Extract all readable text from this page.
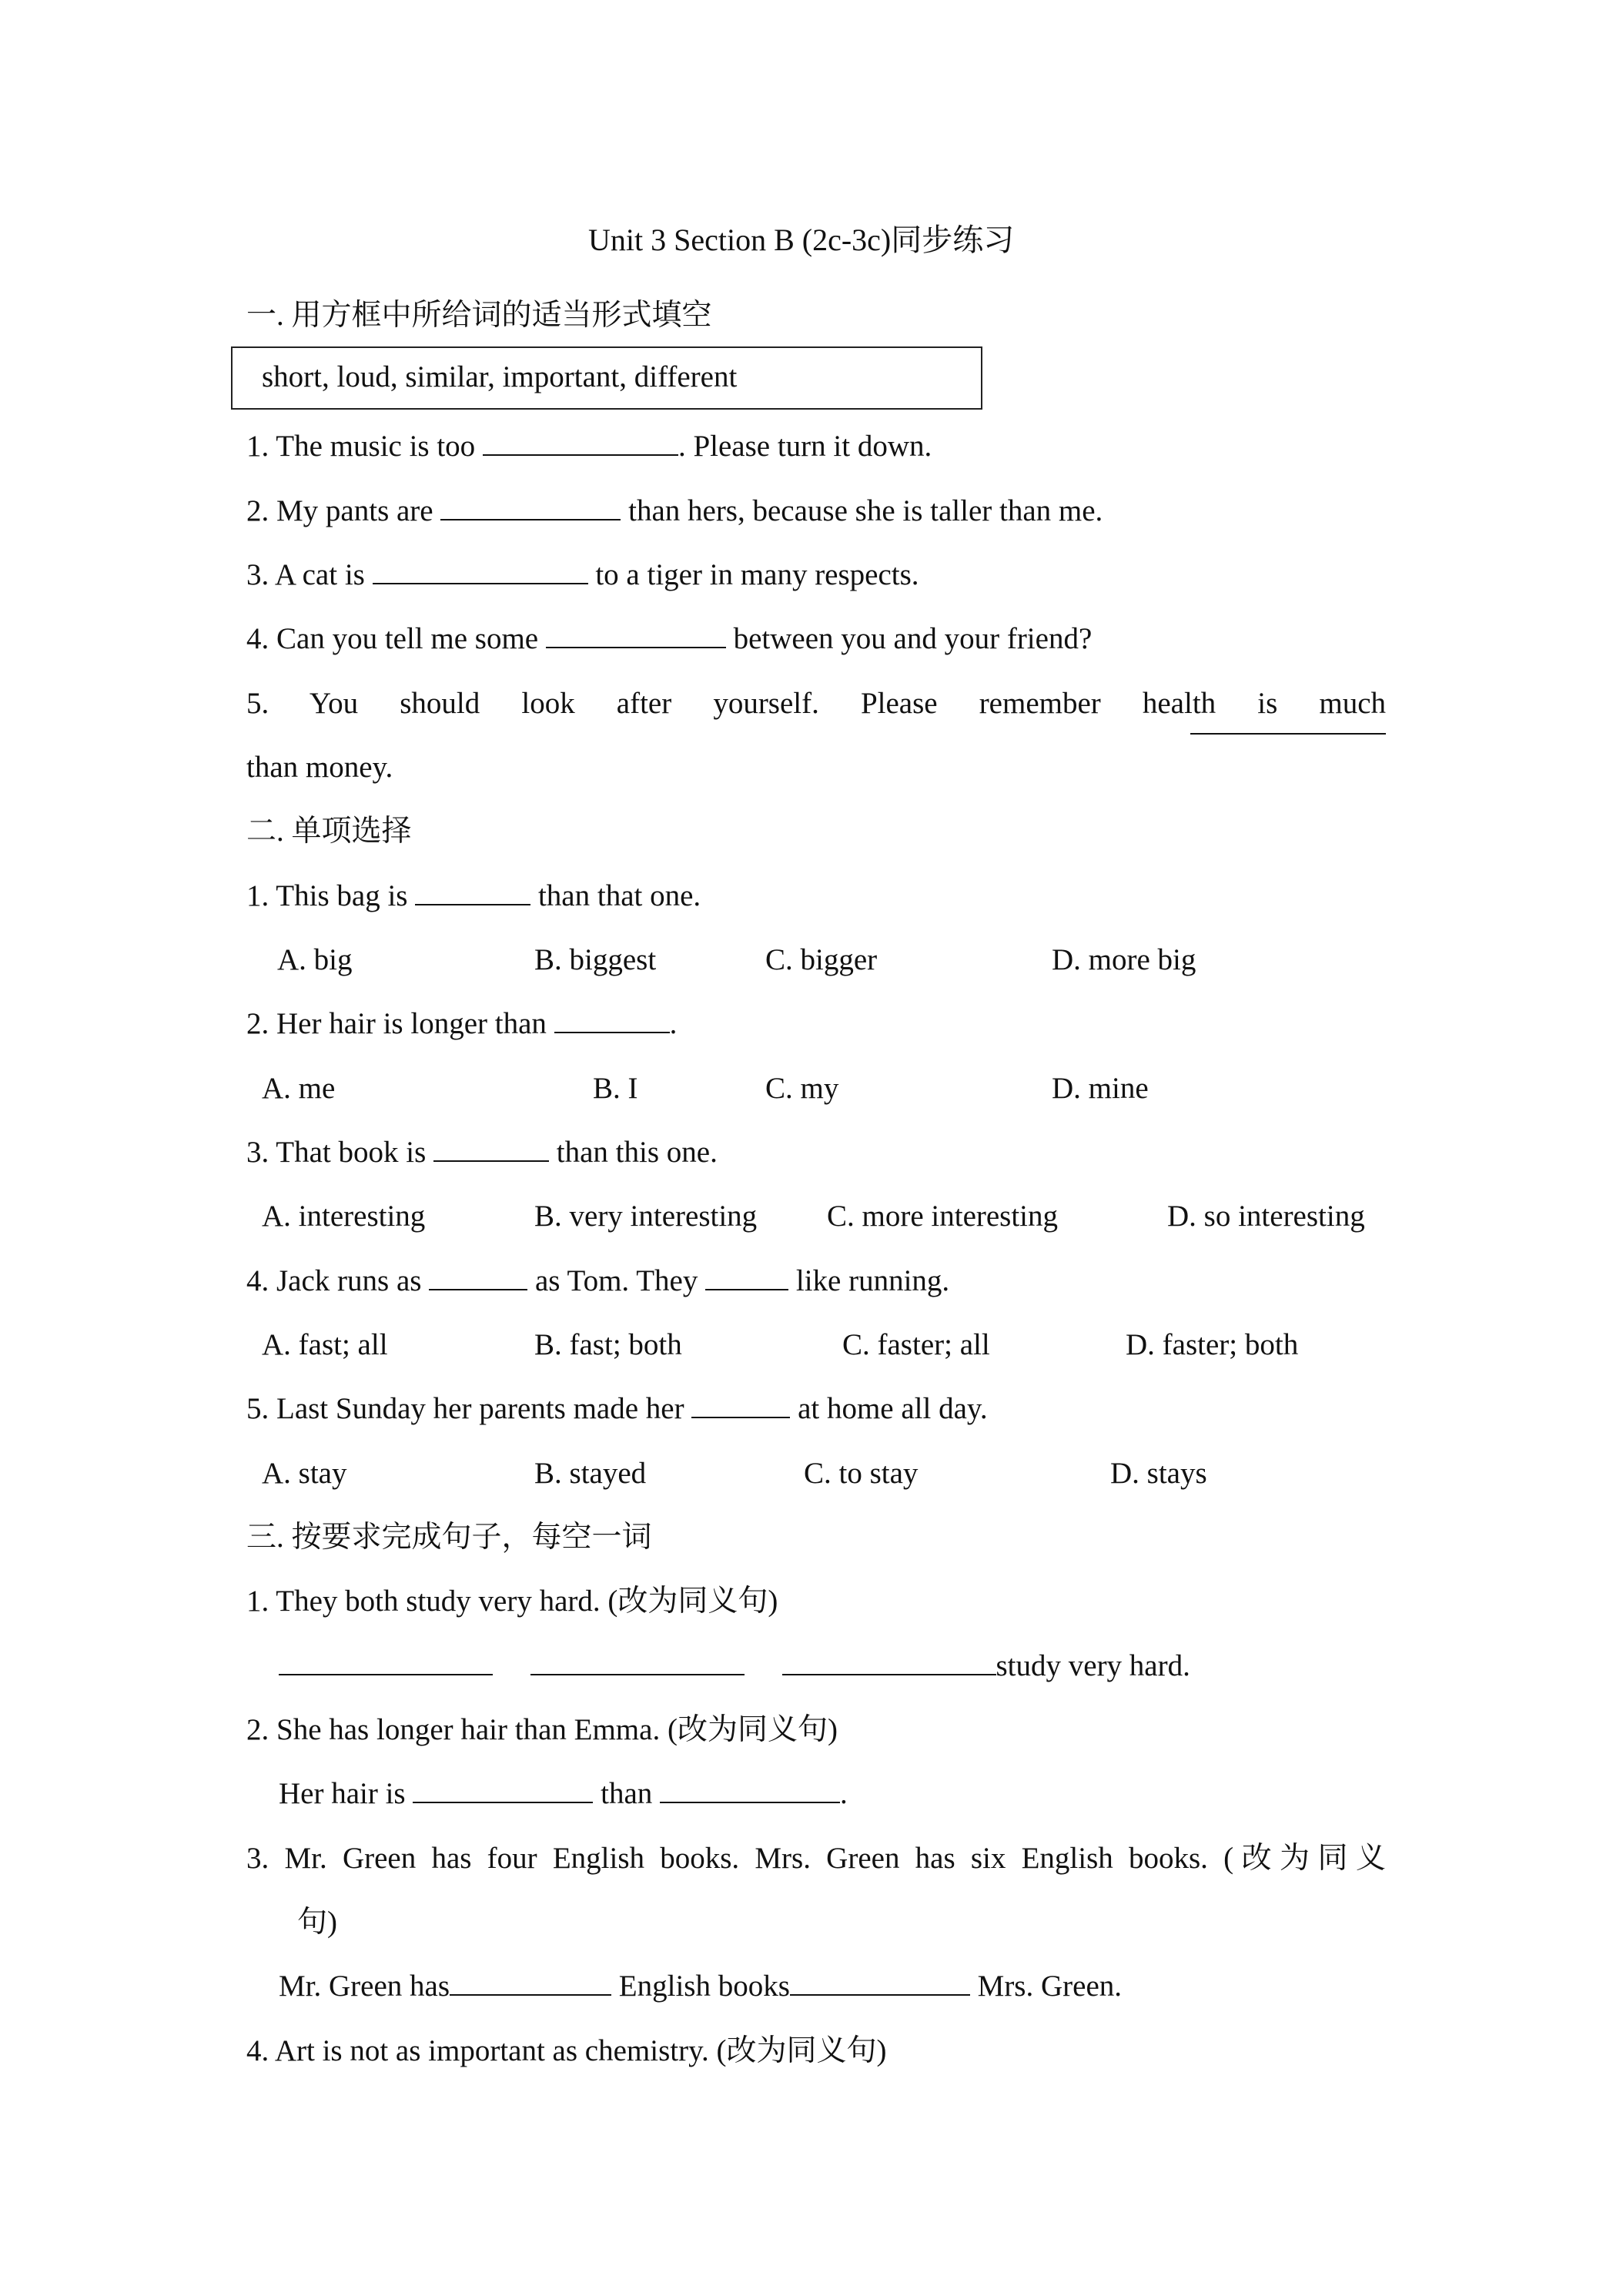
Unit 3 Section B (2c-3c)同步练习
一. 用方框中所给词的适当形式填空
short, loud, similar, important, different
1. The music is too	. Please turn it down.
2. My pants are	than hers, because she is taller than me.
3. A cat is	to a tiger in many respects.
4. Can you tell me some	between you and your friend?
5. You should look after yourself. Please remember health is much
than money.
二. 单项选择
1. This bag is	than that one.
A. big	B. biggest	C. bigger	D. more big
2. Her hair is longer than	.
A. me	B. I	C. my	D. mine
3. That book is	than this one.
A. interesting	B. very interesting C. more interesting	D. so interesting
4. Jack runs as	as Tom. They	like running.
A. fast; all	B. fast; both	C. faster; all	D. faster; both
5. Last Sunday her parents made her	at home all day.
A. stay	B. stayed	C. to stay	D. stays
三. 按要求完成句子，每空一词
1. They both study very hard. (改为同义句)
study very hard.
2. She has longer hair than Emma. (改为同义句)
Her hair is	than	.
3. Mr. Green has four English books. Mrs. Green has six English books. (改为同义
句)
Mr. Green has	English books	Mrs. Green.
4. Art is not as important as chemistry. (改为同义句)
